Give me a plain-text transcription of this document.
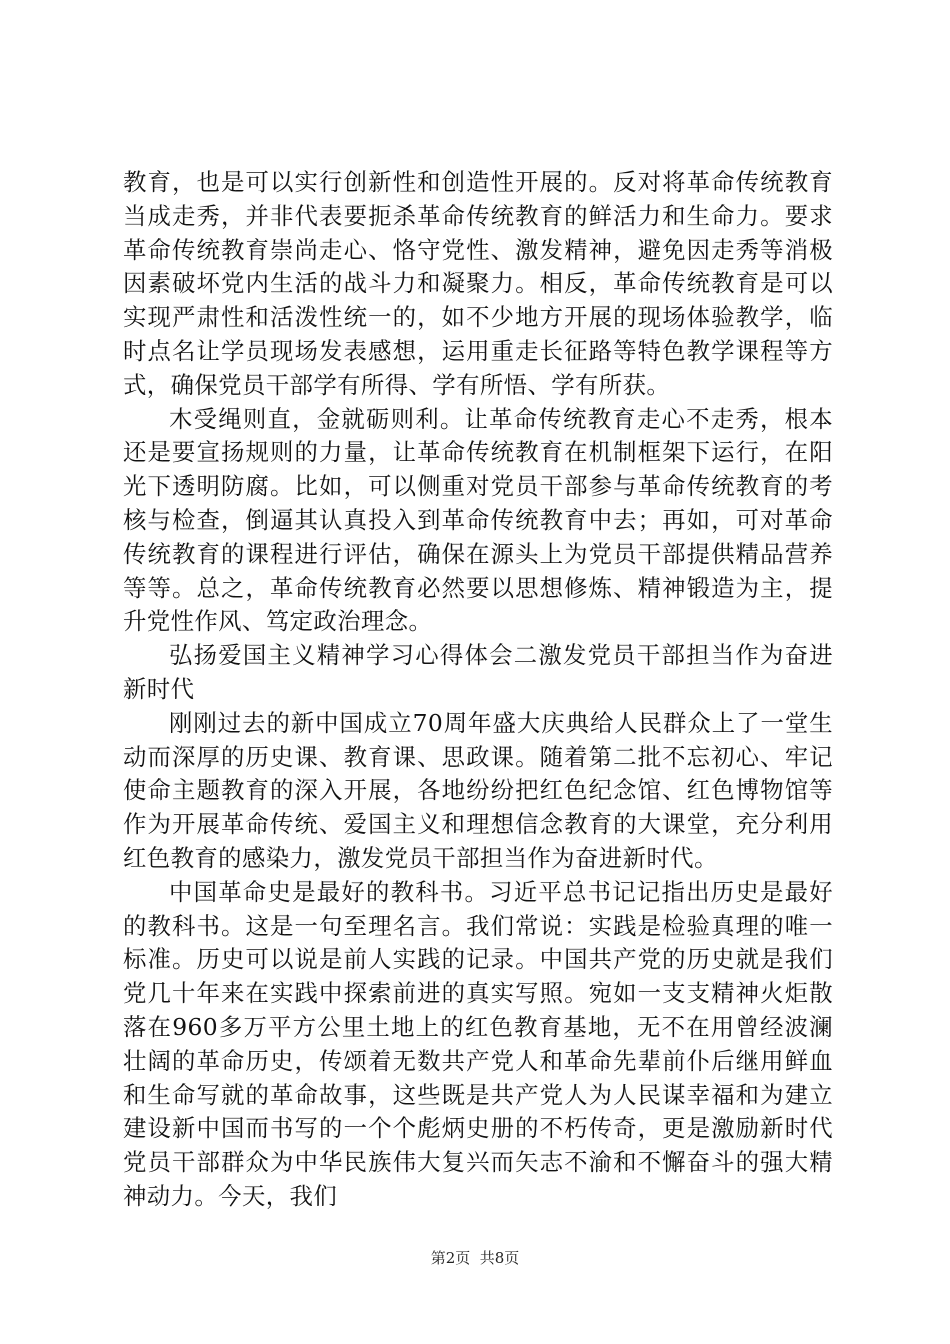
教育，也是可以实行创新性和创造性开展的。反对将革命传统教育当成走秀，并非代表要扼杀革命传统教育的鲜活力和生命力。要求革命传统教育崇尚走心、恪守党性、激发精神，避免因走秀等消极因素破坏党内生活的战斗力和凝聚力。相反，革命传统教育是可以实现严肃性和活泼性统一的，如不少地方开展的现场体验教学，临时点名让学员现场发表感想，运用重走长征路等特色教学课程等方式，确保党员干部学有所得、学有所悟、学有所获。

木受绳则直，金就砺则利。让革命传统教育走心不走秀，根本还是要宣扬规则的力量，让革命传统教育在机制框架下运行，在阳光下透明防腐。比如，可以侧重对党员干部参与革命传统教育的考核与检查，倒逼其认真投入到革命传统教育中去；再如，可对革命传统教育的课程进行评估，确保在源头上为党员干部提供精品营养等等。总之，革命传统教育必然要以思想修炼、精神锻造为主，提升党性作风、笃定政治理念。

弘扬爱国主义精神学习心得体会二激发党员干部担当作为奋进新时代

刚刚过去的新中国成立70周年盛大庆典给人民群众上了一堂生动而深厚的历史课、教育课、思政课。随着第二批不忘初心、牢记使命主题教育的深入开展，各地纷纷把红色纪念馆、红色博物馆等作为开展革命传统、爱国主义和理想信念教育的大课堂，充分利用红色教育的感染力，激发党员干部担当作为奋进新时代。

中国革命史是最好的教科书。习近平总书记记指出历史是最好的教科书。这是一句至理名言。我们常说：实践是检验真理的唯一标准。历史可以说是前人实践的记录。中国共产党的历史就是我们党几十年来在实践中探索前进的真实写照。宛如一支支精神火炬散落在960多万平方公里土地上的红色教育基地，无不在用曾经波澜壮阔的革命历史，传颂着无数共产党人和革命先辈前仆后继用鲜血和生命写就的革命故事，这些既是共产党人为人民谋幸福和为建立建设新中国而书写的一个个彪炳史册的不朽传奇，更是激励新时代党员干部群众为中华民族伟大复兴而矢志不渝和不懈奋斗的强大精神动力。今天，我们

第2页  共8页
